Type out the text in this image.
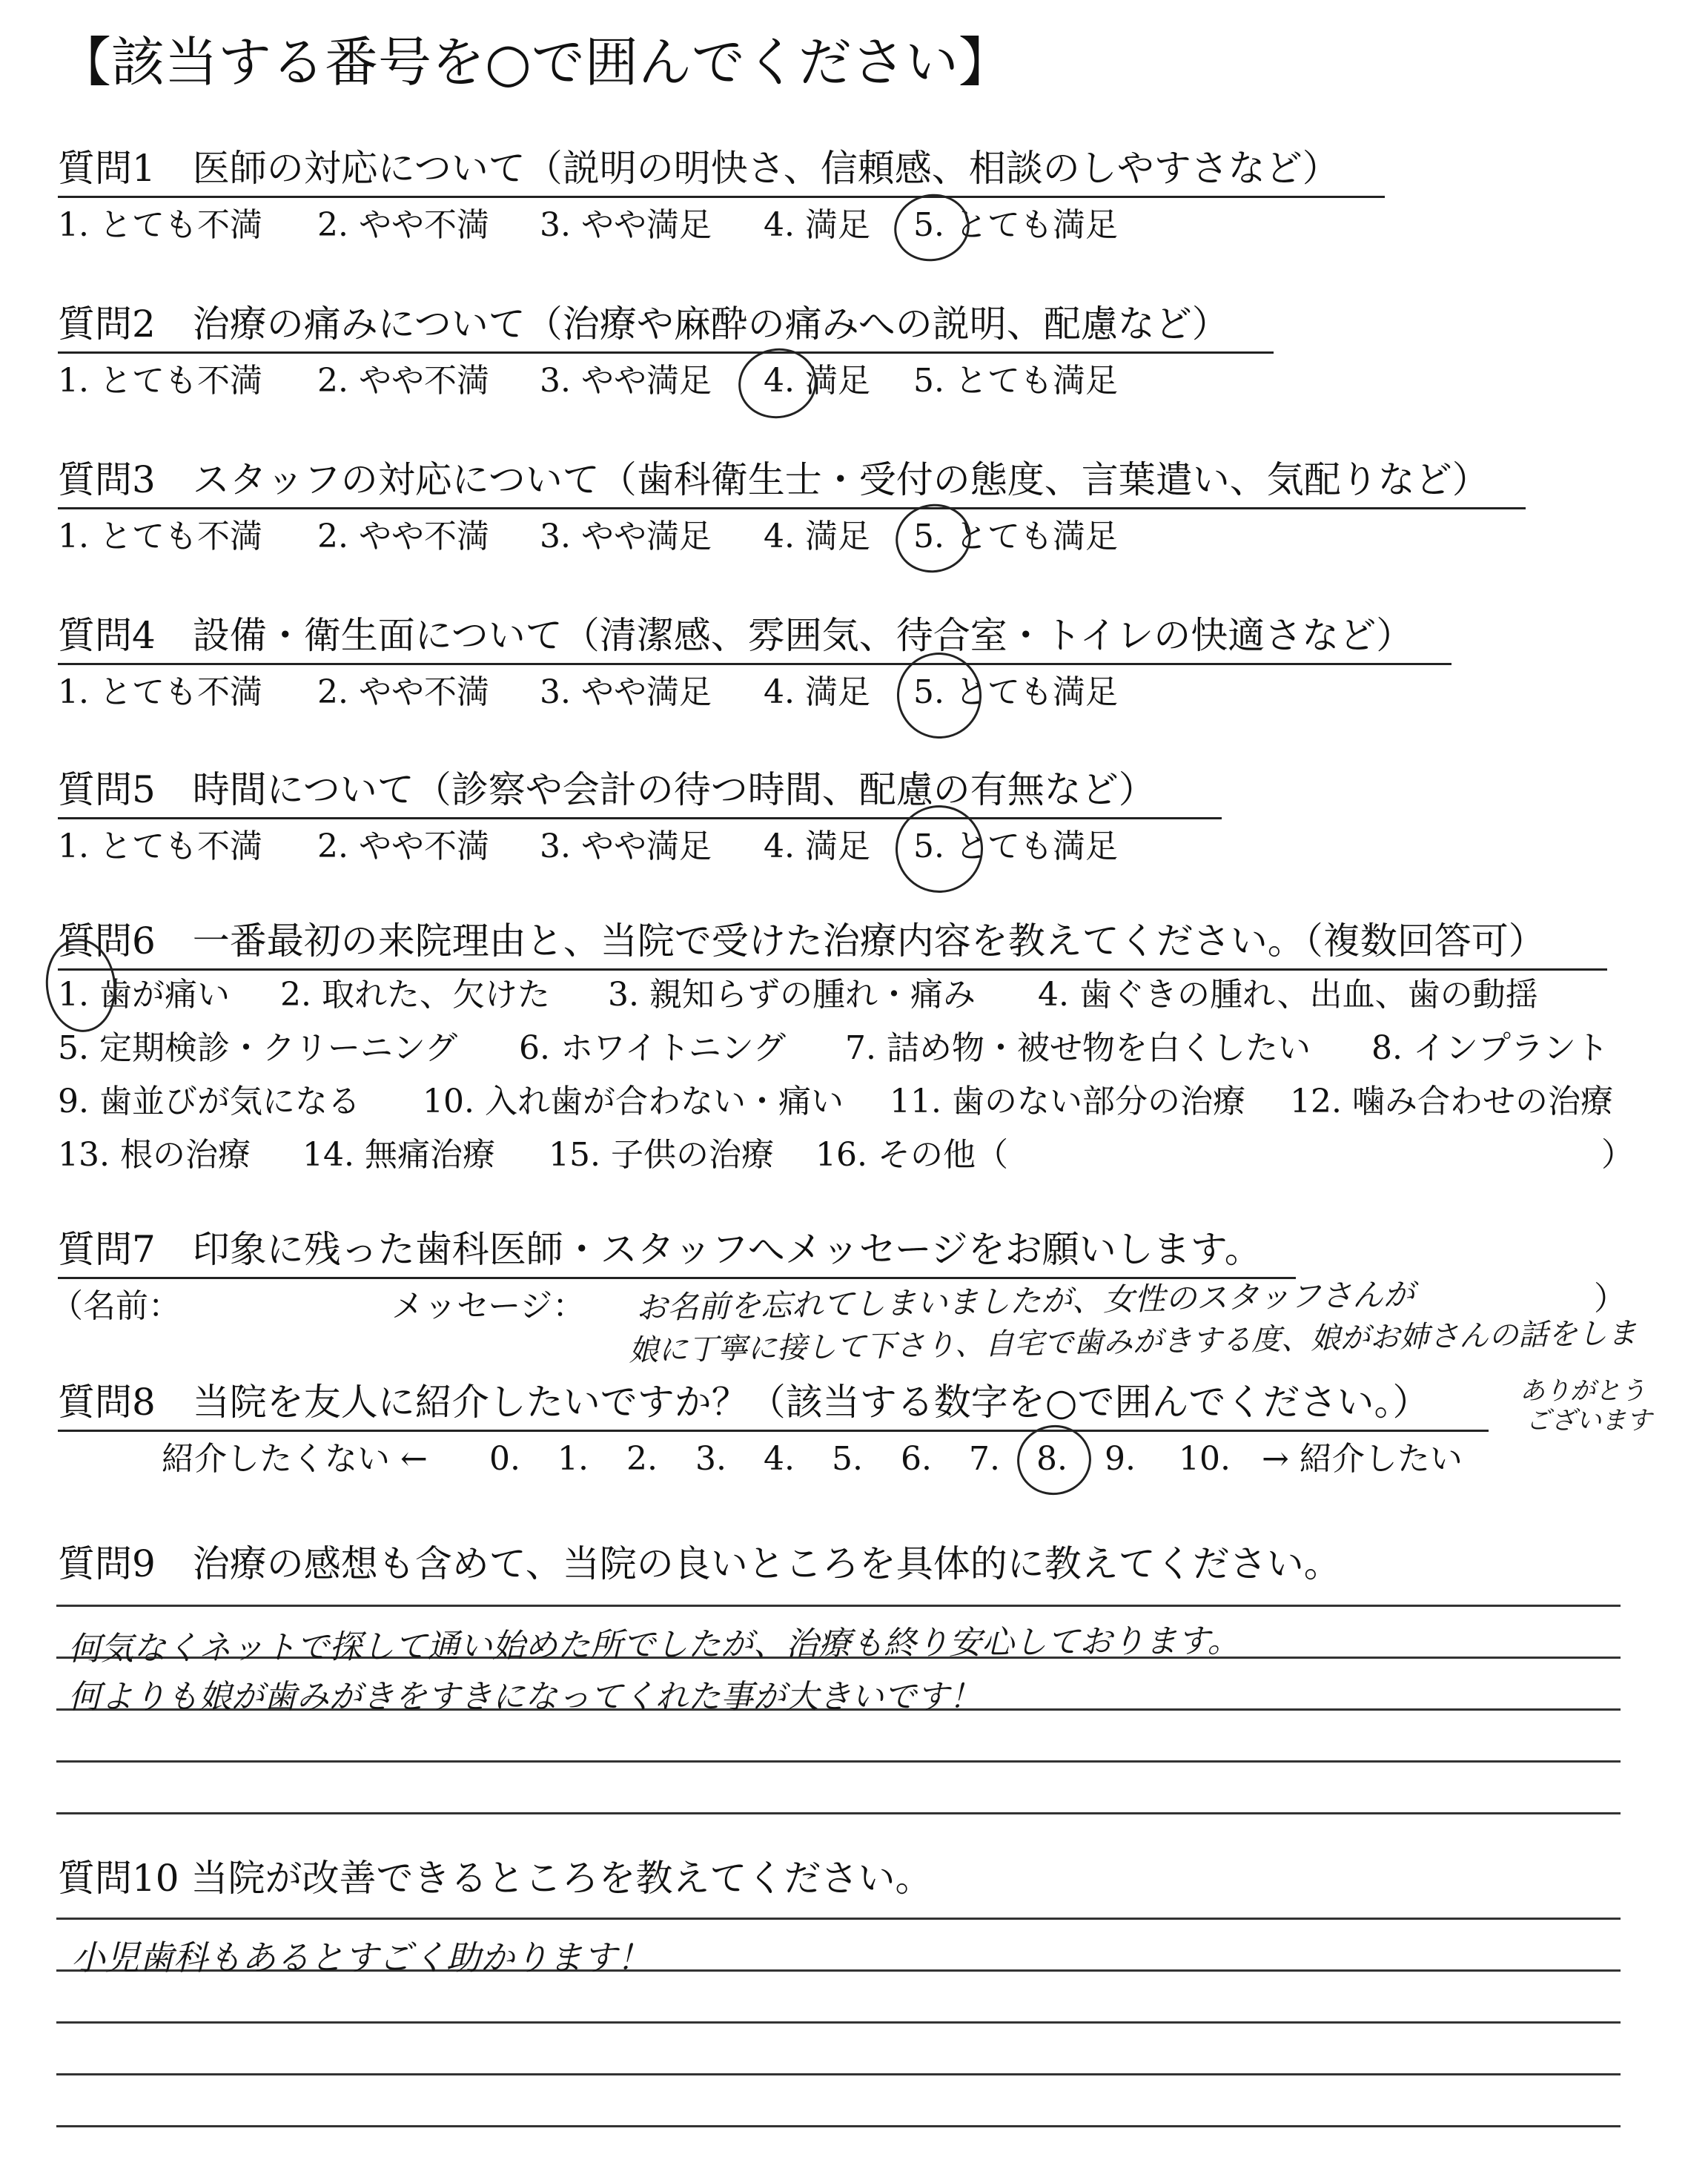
【該当する番号を○で囲んでください】
質問1　医師の対応について（説明の明快さ、信頼感、相談のしやすさなど）
1. とても不満 2. やや不満 3. やや満足 4. 満足 5. とても満足
質問2　治療の痛みについて（治療や麻酔の痛みへの説明、配慮など）
1. とても不満 2. やや不満 3. やや満足 4. 満足 5. とても満足
質問3　スタッフの対応について（歯科衛生士・受付の態度、言葉遣い、気配りなど）
1. とても不満 2. やや不満 3. やや満足 4. 満足 5. とても満足
質問4　設備・衛生面について（清潔感、雰囲気、待合室・トイレの快適さなど）
1. とても不満 2. やや不満 3. やや満足 4. 満足 5. とても満足
質問5　時間について（診察や会計の待つ時間、配慮の有無など）
1. とても不満 2. やや不満 3. やや満足 4. 満足 5. とても満足
質問6　一番最初の来院理由と、当院で受けた治療内容を教えてください。（複数回答可）
1. 歯が痛い 2. 取れた、欠けた 3. 親知らずの腫れ・痛み 4. 歯ぐきの腫れ、出血、歯の動揺
5. 定期検診・クリーニング 6. ホワイトニング 7. 詰め物・被せ物を白くしたい 8. インプラント
9. 歯並びが気になる 10. 入れ歯が合わない・痛い 11. 歯のない部分の治療 12. 噛み合わせの治療
13. 根の治療 14. 無痛治療 15. 子供の治療 16. その他（	）
質問7　印象に残った歯科医師・スタッフへメッセージをお願いします。
（名前：	メッセージ：	）
お名前を忘れてしまいましたが、女性のスタッフさんが
娘に丁寧に接して下さり、自宅で歯みがきする度、娘がお姉さんの話をしま
ありがとう
ございます
質問8　当院を友人に紹介したいですか？（該当する数字を○で囲んでください。）
紹介したくない ← 0. 1. 2. 3. 4. 5. 6. 7. 8. 9. 10. → 紹介したい
質問9　治療の感想も含めて、当院の良いところを具体的に教えてください。
何気なくネットで探して通い始めた所でしたが、治療も終り安心しております。
何よりも娘が歯みがきをすきになってくれた事が大きいです！
質問10 当院が改善できるところを教えてください。
小児歯科もあるとすごく助かります！
